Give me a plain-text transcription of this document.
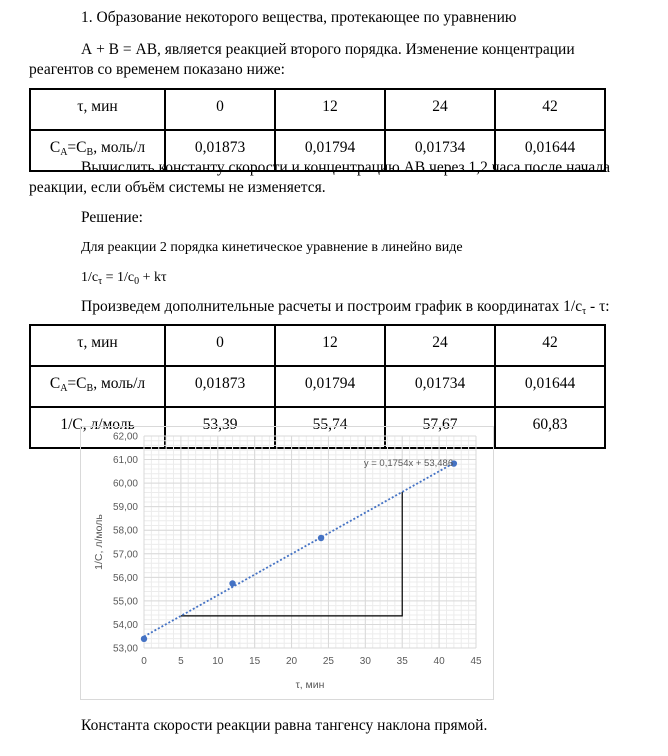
1. Образование некоторого вещества, протекающее по уравнению
А + В = АВ, является реакцией второго порядка. Изменение концентрации
реагентов со временем показано ниже:
τ, мин	0	12	24	42
$C_A=C_B$, моль/л	0,01873	0,01794	0,01734	0,01644
Вычислить константу скорости и концентрацию АВ через 1,2 часа после начала
реакции, если объём системы не изменяется.
Решение:
Для реакции 2 порядка кинетическое уравнение в линейно виде
$1/c_\tau = 1/c_0 + k\tau$
Произведем дополнительные расчеты и построим график в координатах $1/c_\tau$ - τ:
τ, мин	0	12	24	42
$C_A=C_B$, моль/л	0,01873	0,01794	0,01734	0,01644
1/С, л/моль	53,39	55,74	57,67	60,83
0	5	10	15	20	25	30	35	40	45
53,00
54,00
55,00
56,00
57,00
58,00
59,00
60,00
61,00
62,00
y = 0,1754x + 53,486
τ, мин
1/С, л/моль
Константа скорости реакции равна тангенсу наклона прямой.
